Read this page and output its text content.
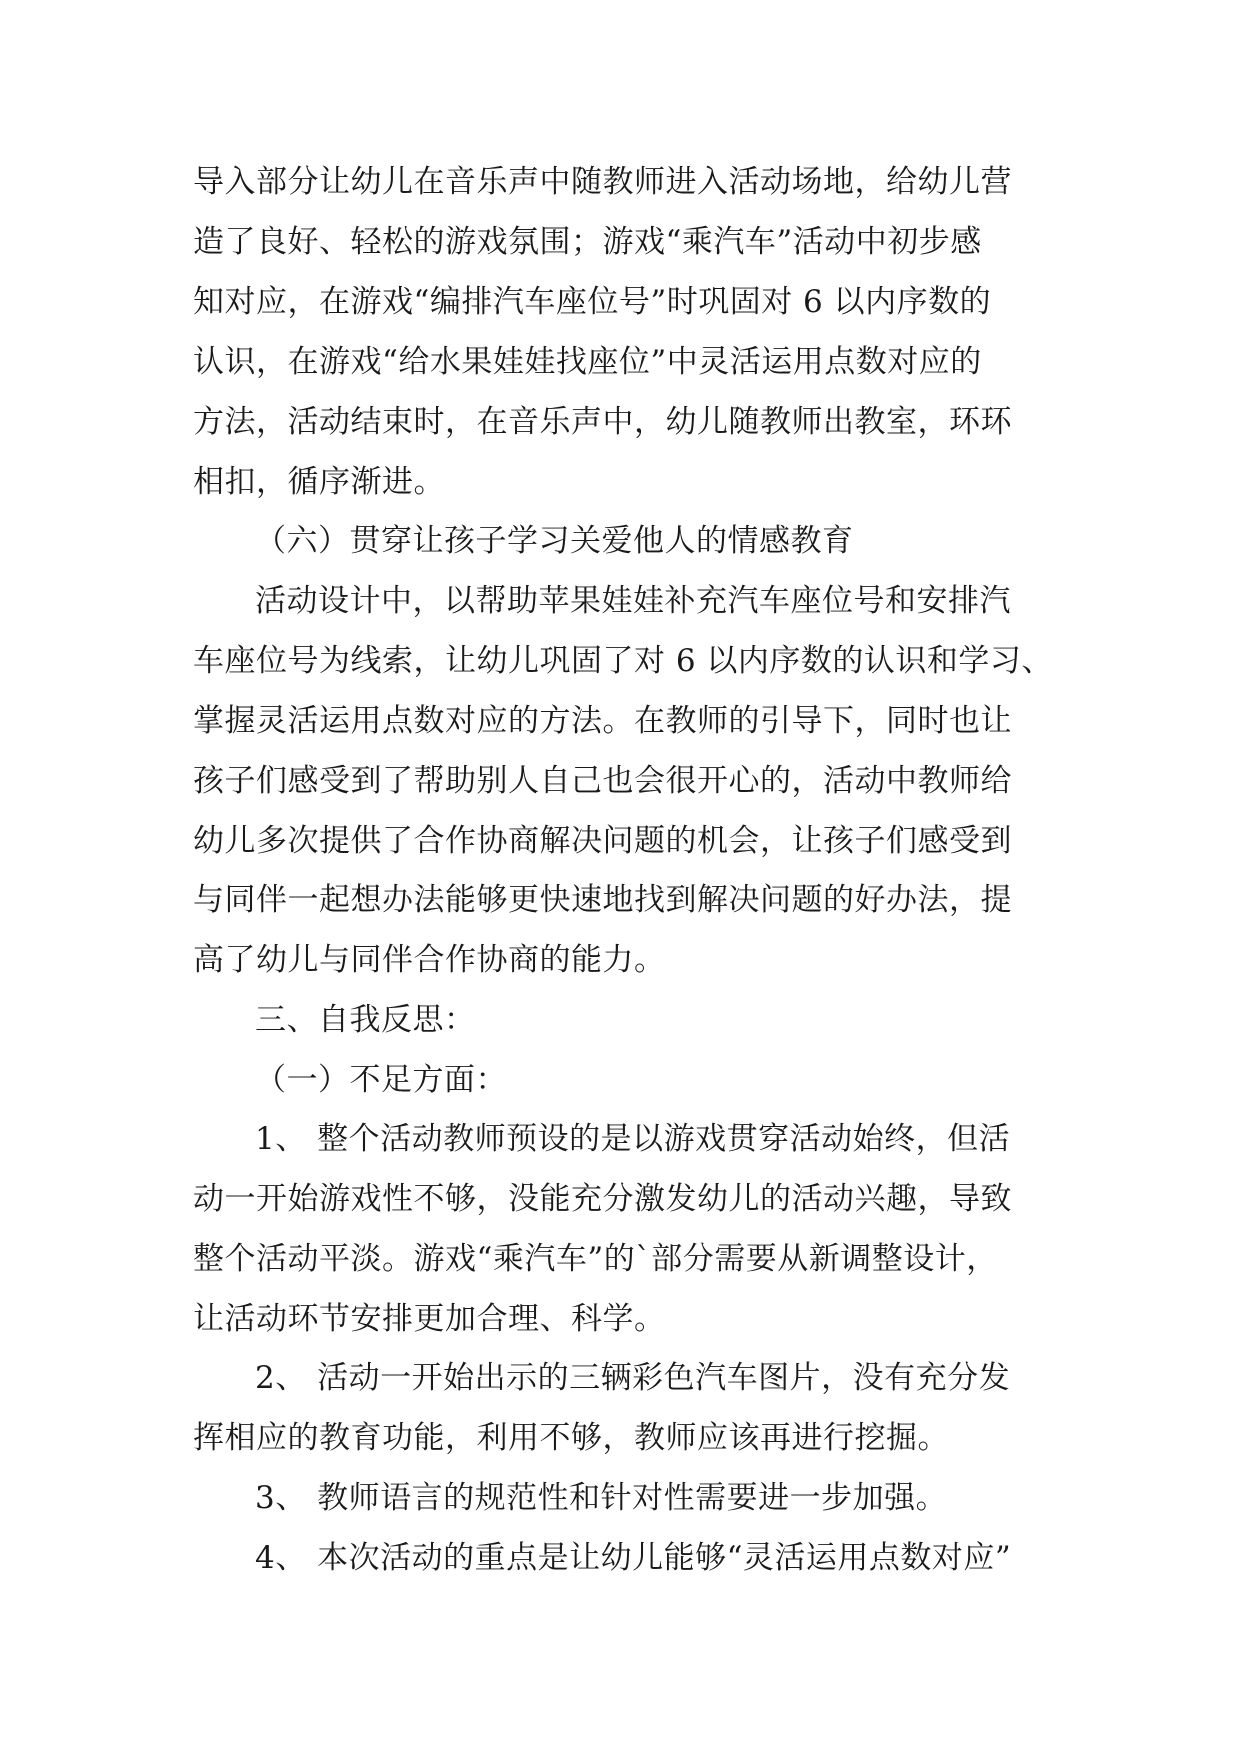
导入部分让幼儿在音乐声中随教师进入活动场地，给幼儿营
造了良好、轻松的游戏氛围；游戏“乘汽车”活动中初步感
知对应，在游戏“编排汽车座位号”时巩固对 6 以内序数的
认识，在游戏“给水果娃娃找座位”中灵活运用点数对应的
方法，活动结束时，在音乐声中，幼儿随教师出教室，环环
相扣，循序渐进。
（六）贯穿让孩子学习关爱他人的情感教育
活动设计中，以帮助苹果娃娃补充汽车座位号和安排汽
车座位号为线索，让幼儿巩固了对 6 以内序数的认识和学习、
掌握灵活运用点数对应的方法。在教师的引导下，同时也让
孩子们感受到了帮助别人自己也会很开心的，活动中教师给
幼儿多次提供了合作协商解决问题的机会，让孩子们感受到
与同伴一起想办法能够更快速地找到解决问题的好办法，提
高了幼儿与同伴合作协商的能力。
三、自我反思：
（一）不足方面：
1、 整个活动教师预设的是以游戏贯穿活动始终，但活
动一开始游戏性不够，没能充分激发幼儿的活动兴趣，导致
整个活动平淡。游戏“乘汽车”的`部分需要从新调整设计，
让活动环节安排更加合理、科学。
2、 活动一开始出示的三辆彩色汽车图片，没有充分发
挥相应的教育功能，利用不够，教师应该再进行挖掘。
3、 教师语言的规范性和针对性需要进一步加强。
4、 本次活动的重点是让幼儿能够“灵活运用点数对应”
